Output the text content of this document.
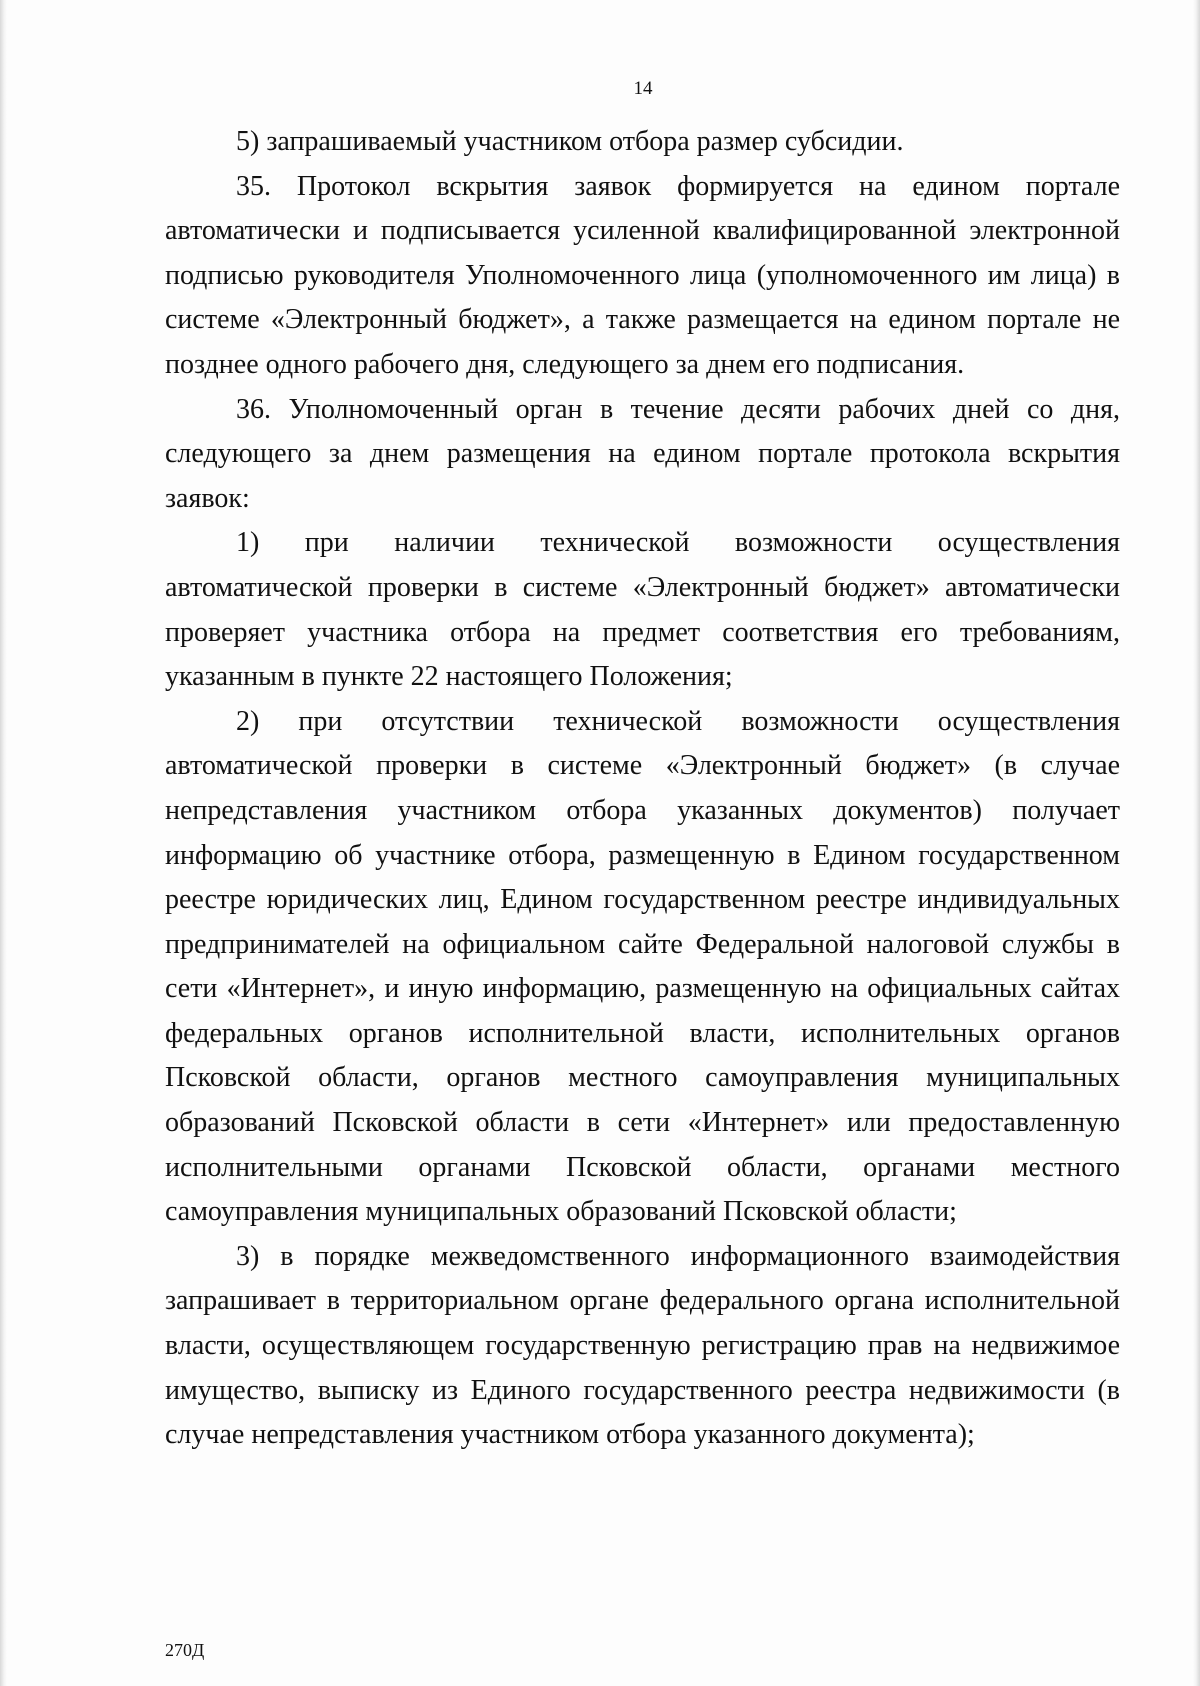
14

5) запрашиваемый участником отбора размер субсидии.

35. Протокол вскрытия заявок формируется на едином портале автоматически и подписывается усиленной квалифицированной электронной подписью руководителя Уполномоченного лица (уполномоченного им лица) в системе «Электронный бюджет», а также размещается на едином портале не позднее одного рабочего дня, следующего за днем его подписания.

36. Уполномоченный орган в течение десяти рабочих дней со дня, следующего за днем размещения на едином портале протокола вскрытия заявок:

1) при наличии технической возможности осуществления автоматической проверки в системе «Электронный бюджет» автоматически проверяет участника отбора на предмет соответствия его требованиям, указанным в пункте 22 настоящего Положения;

2) при отсутствии технической возможности осуществления автоматической проверки в системе «Электронный бюджет» (в случае непредставления участником отбора указанных документов) получает информацию об участнике отбора, размещенную в Едином государственном реестре юридических лиц, Едином государственном реестре индивидуальных предпринимателей на официальном сайте Федеральной налоговой службы в сети «Интернет», и иную информацию, размещенную на официальных сайтах федеральных органов исполнительной власти, исполнительных органов Псковской области, органов местного самоуправления муниципальных образований Псковской области в сети «Интернет» или предоставленную исполнительными органами Псковской области, органами местного самоуправления муниципальных образований Псковской области;

3) в порядке межведомственного информационного взаимодействия запрашивает в территориальном органе федерального органа исполнительной власти, осуществляющем государственную регистрацию прав на недвижимое имущество, выписку из Единого государственного реестра недвижимости (в случае непредставления участником отбора указанного документа);

270Д
